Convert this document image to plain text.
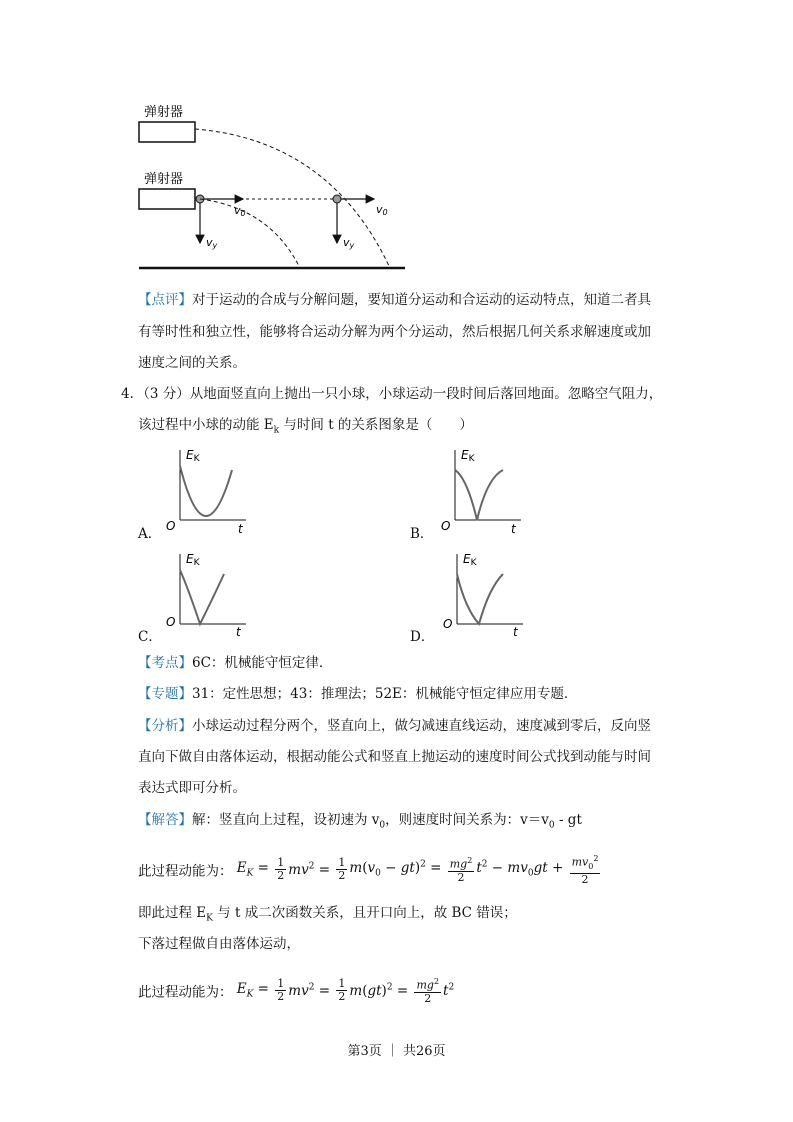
弹射器
弹射器
v0	v0
vy	vy
【点评】对于运动的合成与分解问题，要知道分运动和合运动的运动特点，知道二者具
有等时性和独立性，能够将合运动分解为两个分运动，然后根据几何关系求解速度或加
速度之间的关系。
4．（3 分）从地面竖直向上抛出一只小球，小球运动一段时间后落回地面。忽略空气阻力，
该过程中小球的动能 $E_k$ 与时间 t 的关系图象是（　　）
A．
EK
O	t	B．
EK
O	t
C．
EK
O
t	D．
EK
O
t
【考点】6C：机械能守恒定律．
【专题】31：定性思想；43：推理法；52E：机械能守恒定律应用专题．
【分析】小球运动过程分两个，竖直向上，做匀减速直线运动，速度减到零后，反向竖
直向下做自由落体运动，根据动能公式和竖直上抛运动的速度时间公式找到动能与时间
表达式即可分析。
【解答】解：竖直向上过程，设初速为 $v_0$，则速度时间关系为：$v=v_0$ - gt
此过程动能为： $E_K = \frac{1}{2} mv^2 = \frac{1}{2} m(v_0 - gt)^2 = \frac{mg^2}{2} t^2 - mv_0gt + \frac{mv_0^2}{2}$
即此过程 $E_K$ 与 t 成二次函数关系，且开口向上，故 BC 错误；
下落过程做自由落体运动，
此过程动能为： $E_K = \frac{1}{2} mv^2 = \frac{1}{2} m(gt)^2 = \frac{mg^2}{2} t^2$
第3页 ｜ 共26页
